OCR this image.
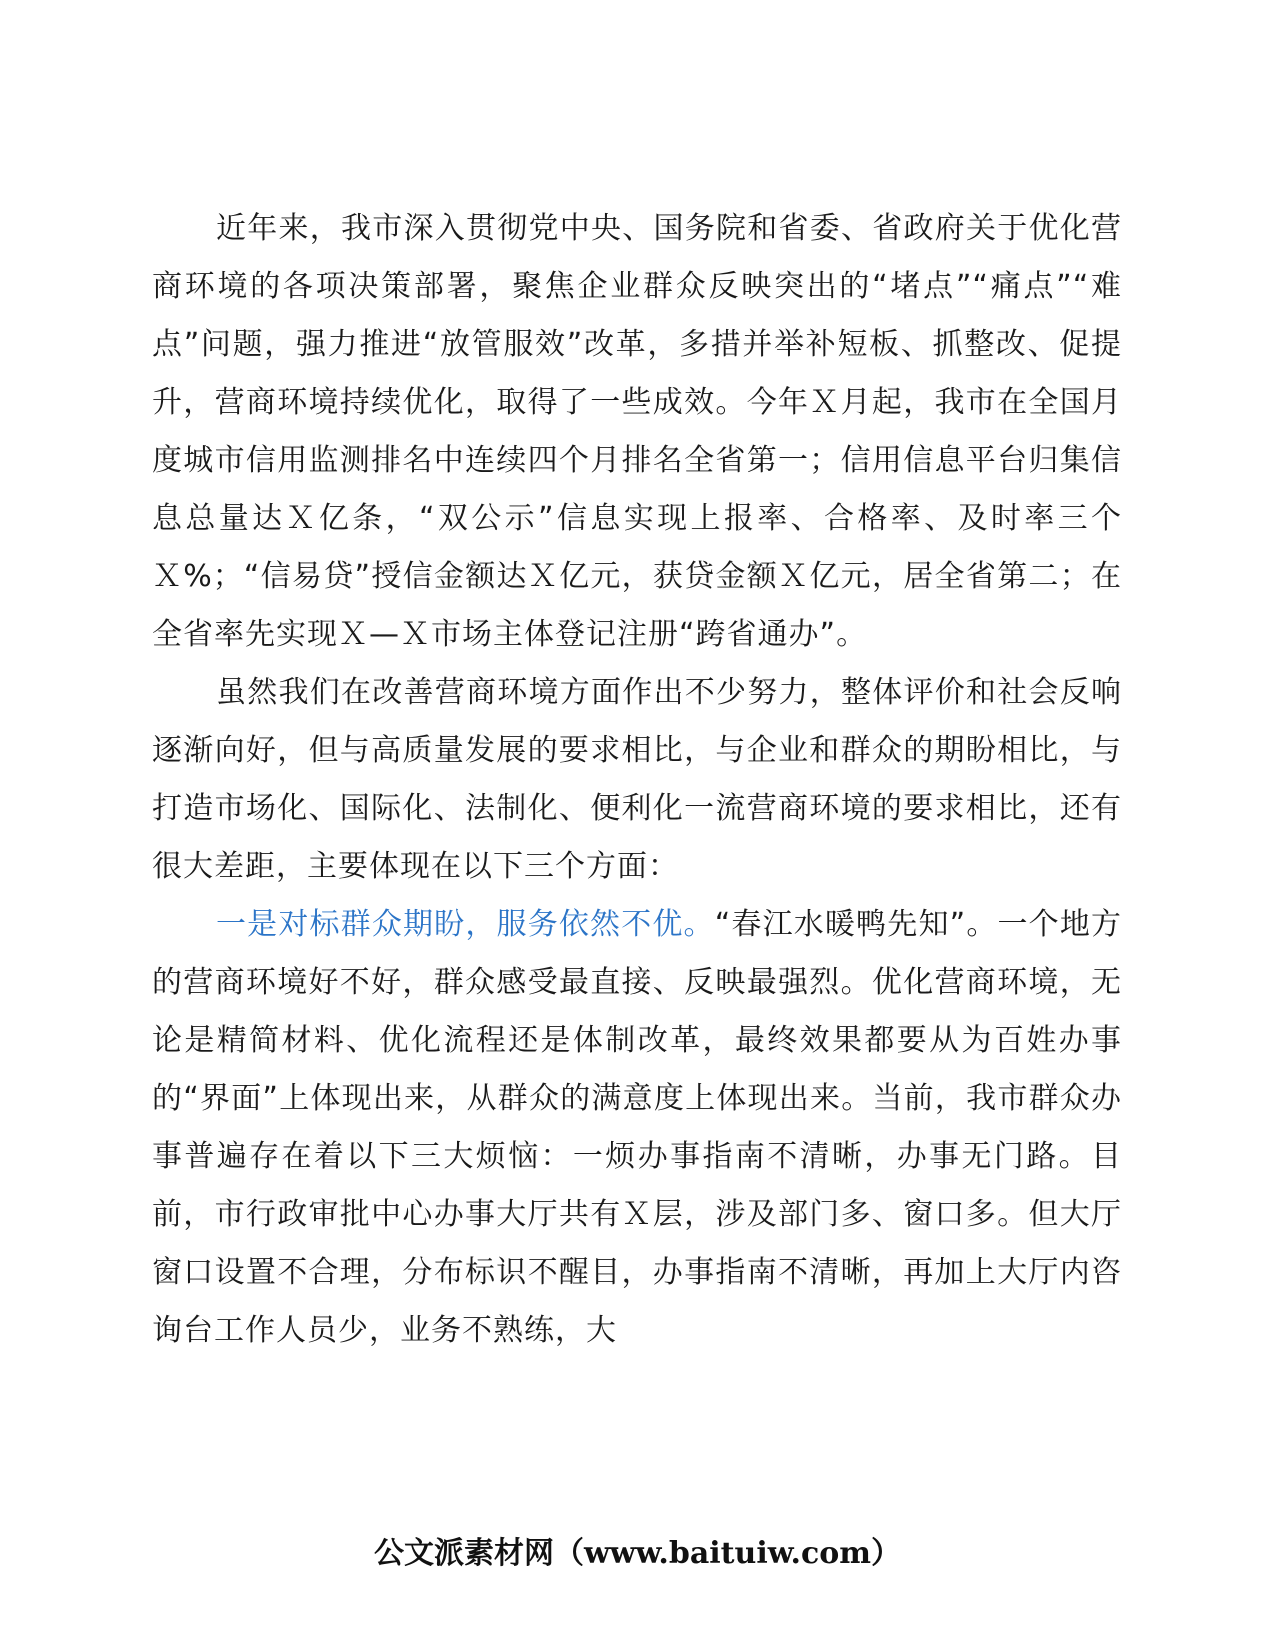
近年来，我市深入贯彻党中央、国务院和省委、省政府关于优化营商环境的各项决策部署，聚焦企业群众反映突出的“堵点”“痛点”“难点”问题，强力推进“放管服效”改革，多措并举补短板、抓整改、促提升，营商环境持续优化，取得了一些成效。今年Ｘ月起，我市在全国月度城市信用监测排名中连续四个月排名全省第一；信用信息平台归集信息总量达Ｘ亿条，“双公示”信息实现上报率、合格率、及时率三个Ｘ%；“信易贷”授信金额达Ｘ亿元，获贷金额Ｘ亿元，居全省第二；在全省率先实现Ｘ—Ｘ市场主体登记注册“跨省通办”。

虽然我们在改善营商环境方面作出不少努力，整体评价和社会反响逐渐向好，但与高质量发展的要求相比，与企业和群众的期盼相比，与打造市场化、国际化、法制化、便利化一流营商环境的要求相比，还有很大差距，主要体现在以下三个方面：

一是对标群众期盼，服务依然不优。“春江水暖鸭先知”。一个地方的营商环境好不好，群众感受最直接、反映最强烈。优化营商环境，无论是精简材料、优化流程还是体制改革，最终效果都要从为百姓办事的“界面”上体现出来，从群众的满意度上体现出来。当前，我市群众办事普遍存在着以下三大烦恼：一烦办事指南不清晰，办事无门路。目前，市行政审批中心办事大厅共有Ｘ层，涉及部门多、窗口多。但大厅窗口设置不合理，分布标识不醒目，办事指南不清晰，再加上大厅内咨询台工作人员少，业务不熟练，大

公文派素材网（www.baituiw.com）
